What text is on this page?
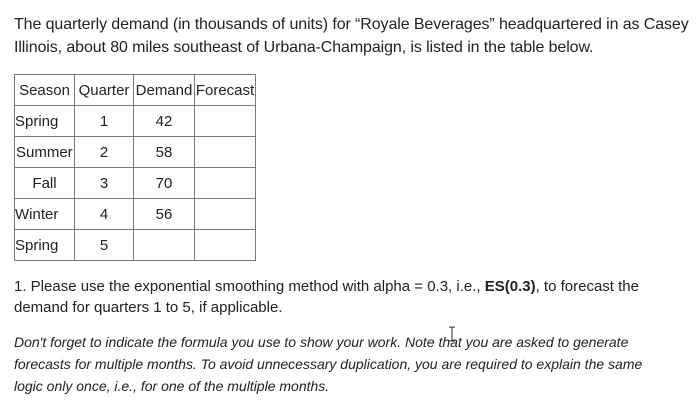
The quarterly demand (in thousands of units) for “Royale Beverages” headquartered in as Casey
Illinois, about 80 miles southeast of Urbana-Champaign, is listed in the table below.
Season	Quarter	Demand	Forecast
Spring	1	42	
Summer	2	58	
Fall	3	70	
Winter	4	56	
Spring	5		
1. Please use the exponential smoothing method with alpha = 0.3, i.e., ES(0.3), to forecast the
demand for quarters 1 to 5, if applicable.
Don't forget to indicate the formula you use to show your work. Note that you are asked to generate
forecasts for multiple months. To avoid unnecessary duplication, you are required to explain the same
logic only once, i.e., for one of the multiple months.
